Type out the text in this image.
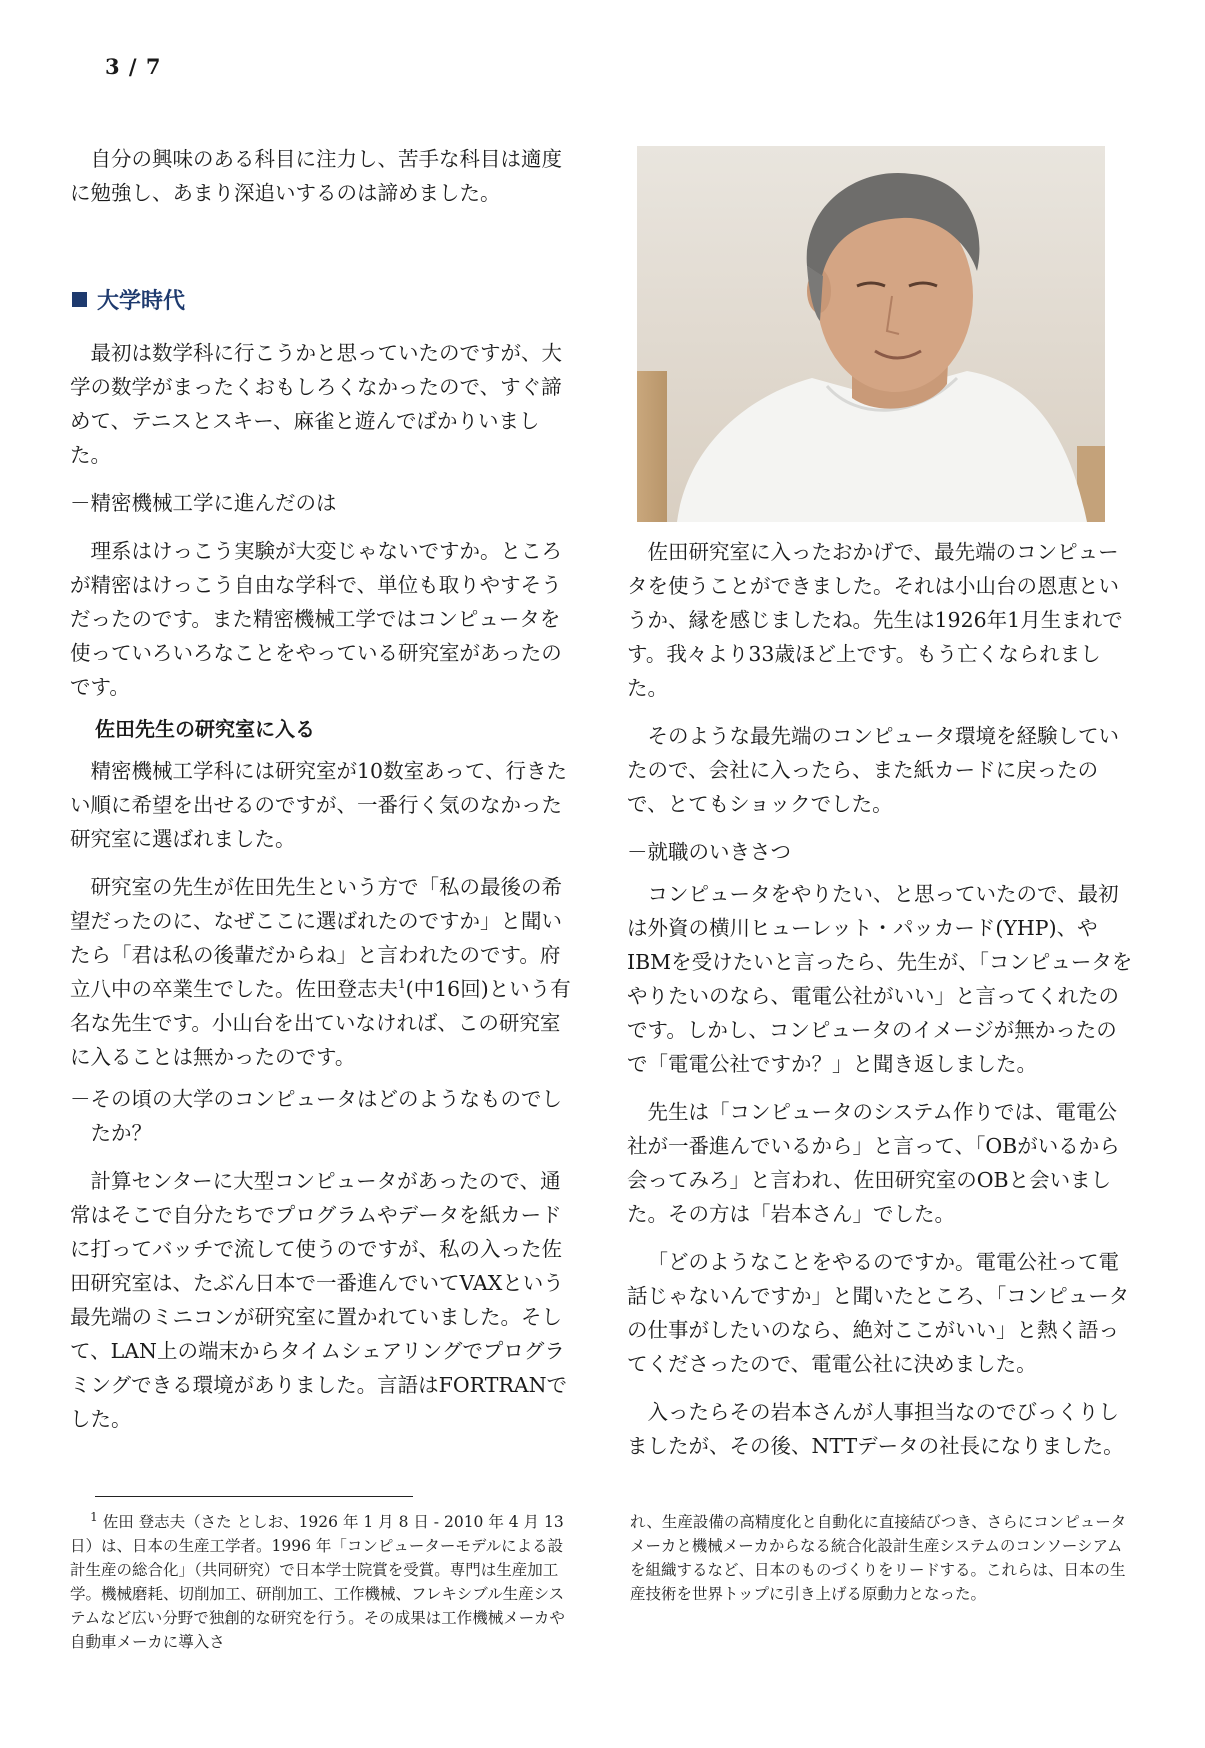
3 / 7

自分の興味のある科目に注力し、苦手な科目は適度に勉強し、あまり深追いするのは諦めました。

大学時代

最初は数学科に行こうかと思っていたのですが、大学の数学がまったくおもしろくなかったので、すぐ諦めて、テニスとスキー、麻雀と遊んでばかりいました。

－精密機械工学に進んだのは

理系はけっこう実験が大変じゃないですか。ところが精密はけっこう自由な学科で、単位も取りやすそうだったのです。また精密機械工学ではコンピュータを使っていろいろなことをやっている研究室があったのです。

佐田先生の研究室に入る

精密機械工学科には研究室が10数室あって、行きたい順に希望を出せるのですが、一番行く気のなかった研究室に選ばれました。

研究室の先生が佐田先生という方で「私の最後の希望だったのに、なぜここに選ばれたのですか」と聞いたら「君は私の後輩だからね」と言われたのです。府立八中の卒業生でした。佐田登志夫$^1$(中16回)という有名な先生です。小山台を出ていなければ、この研究室に入ることは無かったのです。

－その頃の大学のコンピュータはどのようなものでしたか？

計算センターに大型コンピュータがあったので、通常はそこで自分たちでプログラムやデータを紙カードに打ってバッチで流して使うのですが、私の入った佐田研究室は、たぶん日本で一番進んでいてVAXという最先端のミニコンが研究室に置かれていました。そして、LAN上の端末からタイムシェアリングでプログラミングできる環境がありました。言語はFORTRANでした。

佐田研究室に入ったおかげで、最先端のコンピュータを使うことができました。それは小山台の恩恵というか、縁を感じましたね。先生は1926年1月生まれです。我々より33歳ほど上です。もう亡くなられました。

そのような最先端のコンピュータ環境を経験していたので、会社に入ったら、また紙カードに戻ったので、とてもショックでした。

－就職のいきさつ

コンピュータをやりたい、と思っていたので、最初は外資の横川ヒューレット・パッカード(YHP)、やIBMを受けたいと言ったら、先生が、「コンピュータをやりたいのなら、電電公社がいい」と言ってくれたのです。しかし、コンピュータのイメージが無かったので「電電公社ですか？」と聞き返しました。

先生は「コンピュータのシステム作りでは、電電公社が一番進んでいるから」と言って、「OBがいるから会ってみろ」と言われ、佐田研究室のOBと会いました。その方は「岩本さん」でした。

「どのようなことをやるのですか。電電公社って電話じゃないんですか」と聞いたところ、「コンピュータの仕事がしたいのなら、絶対ここがいい」と熱く語ってくださったので、電電公社に決めました。

入ったらその岩本さんが人事担当なのでびっくりしましたが、その後、NTTデータの社長になりました。

$^1$ 佐田 登志夫（さた としお、1926 年 1 月 8 日 - 2010 年 4 月 13 日）は、日本の生産工学者。1996 年「コンピューターモデルによる設計生産の総合化」（共同研究）で日本学士院賞を受賞。専門は生産加工学。機械磨耗、切削加工、研削加工、工作機械、フレキシブル生産システムなど広い分野で独創的な研究を行う。その成果は工作機械メーカや自動車メーカに導入さ
れ、生産設備の高精度化と自動化に直接結びつき、さらにコンピュータメーカと機械メーカからなる統合化設計生産システムのコンソーシアムを組織するなど、日本のものづくりをリードする。これらは、日本の生産技術を世界トップに引き上げる原動力となった。
